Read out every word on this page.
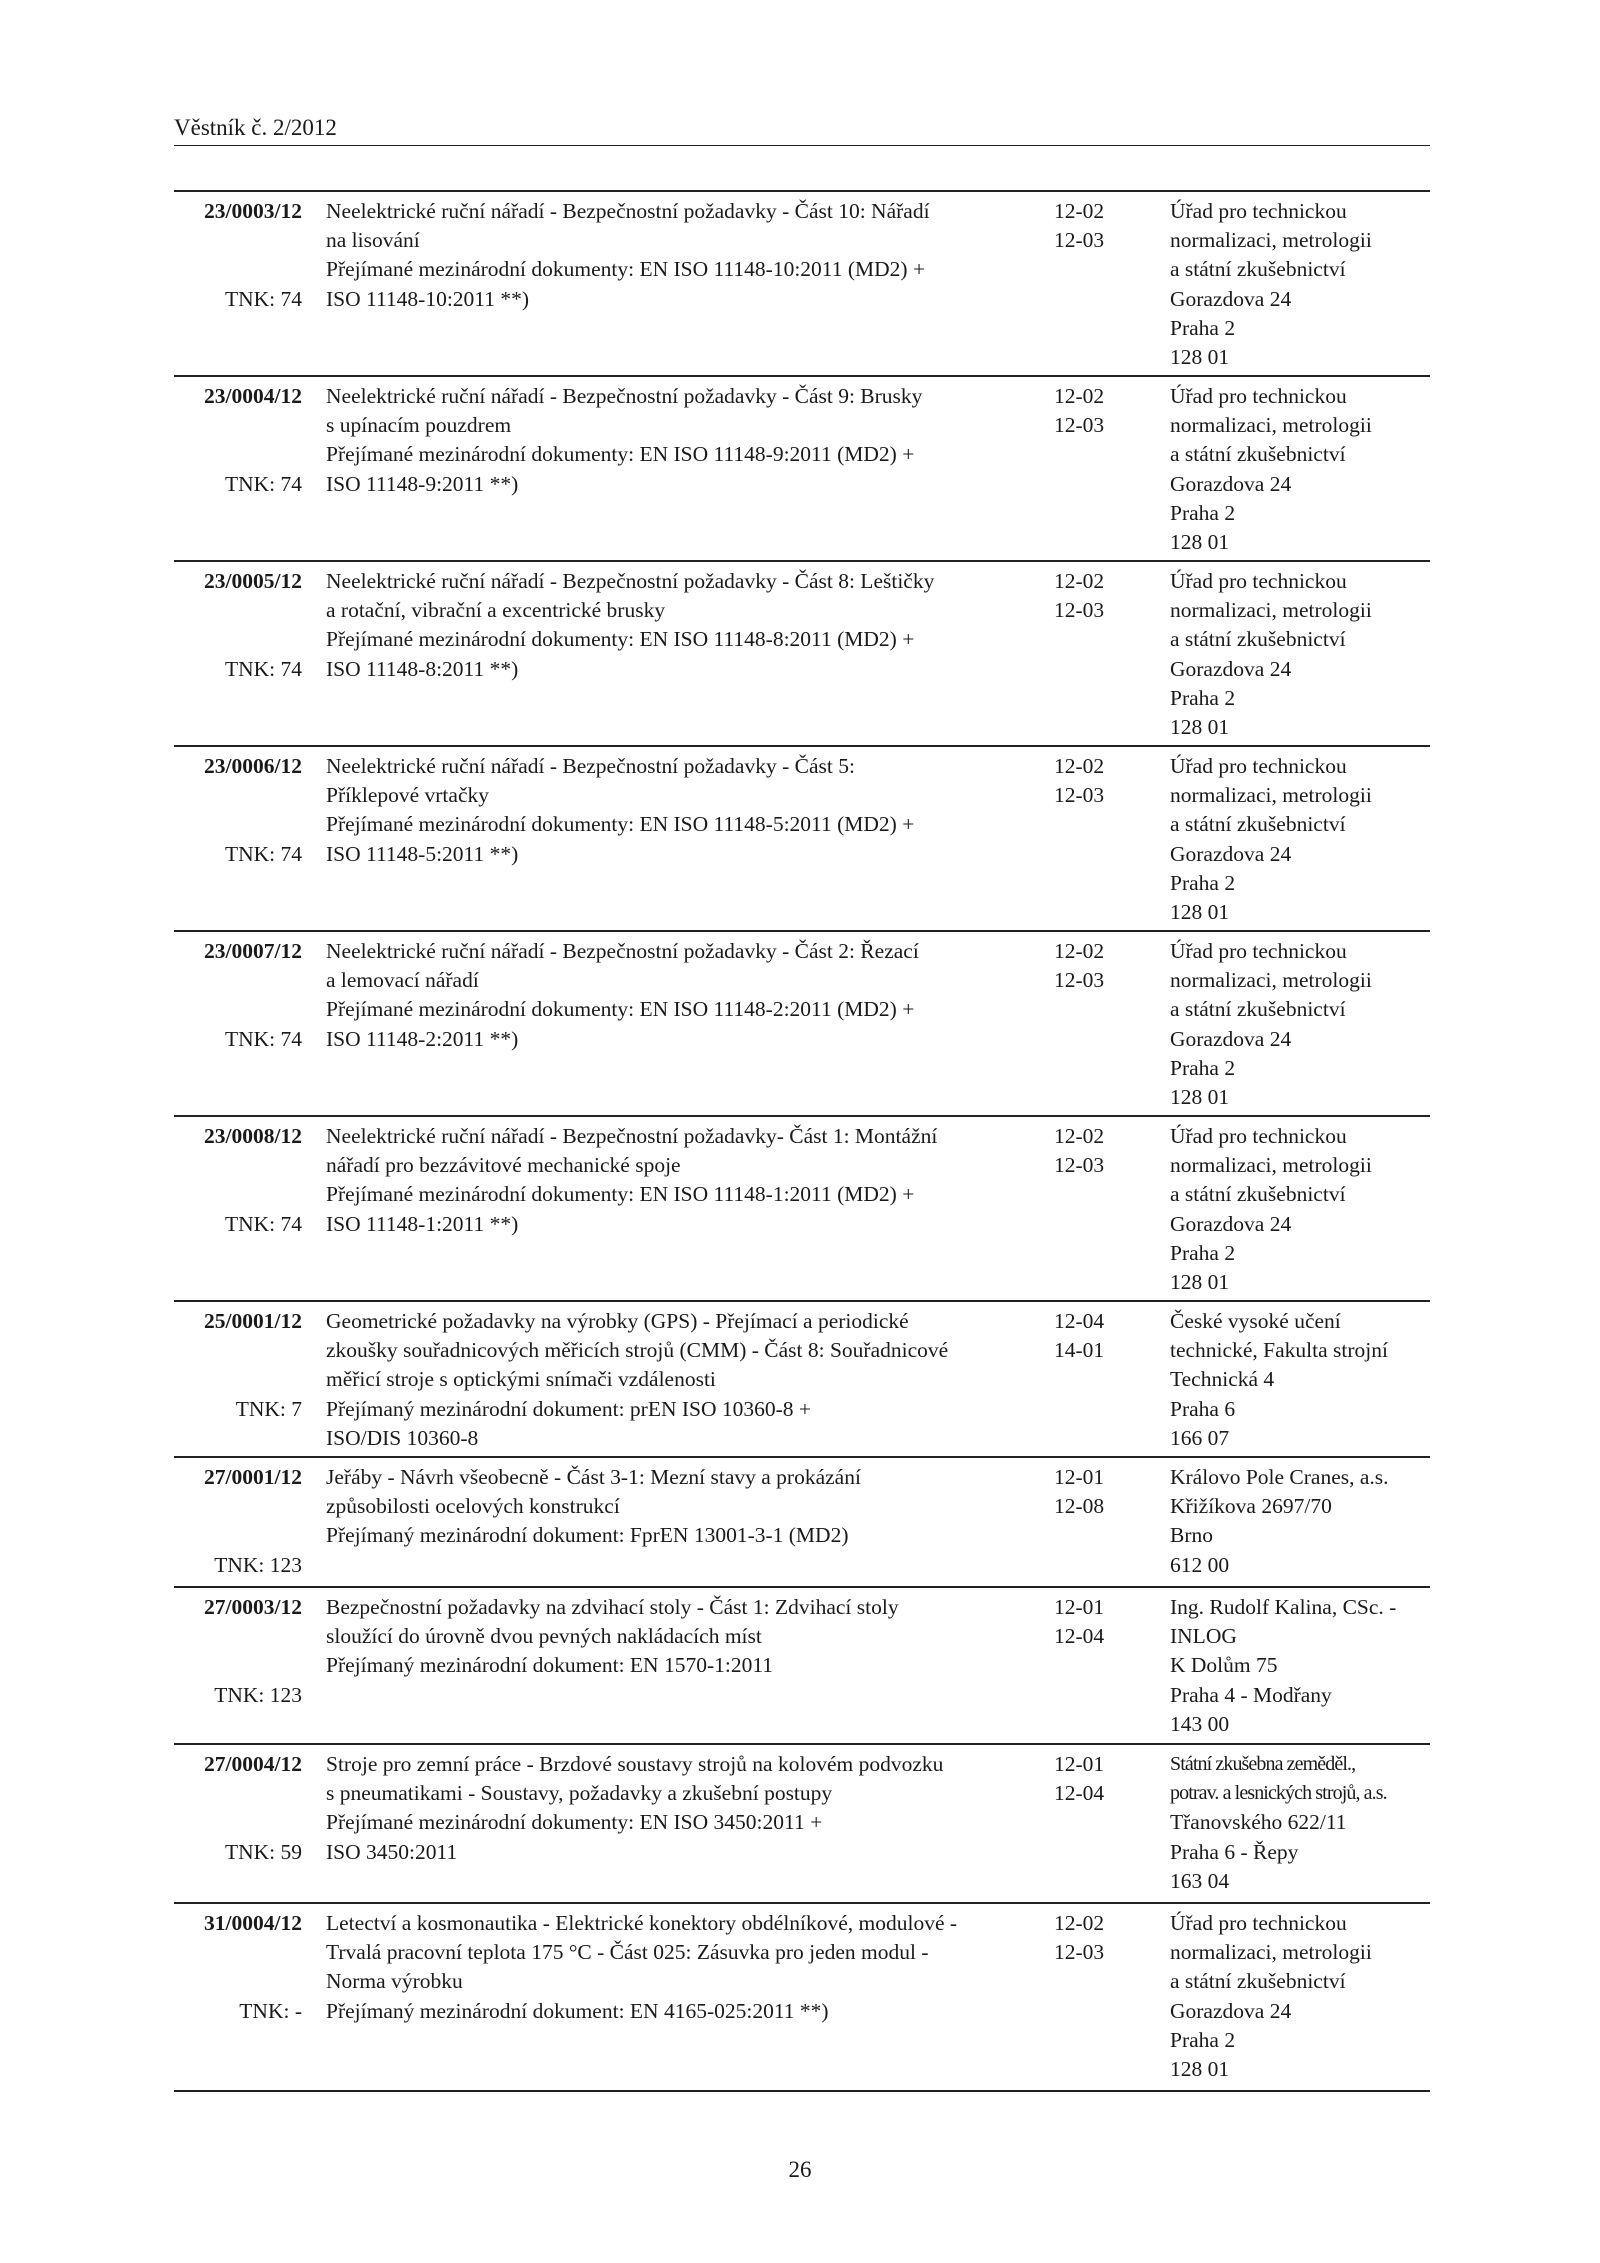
Věstník č. 2/2012
23/0003/12
TNK: 74
Neelektrické ruční nářadí - Bezpečnostní požadavky - Část 10: Nářadí
na lisování
Přejímané mezinárodní dokumenty: EN ISO 11148-10:2011 (MD2) +
ISO 11148-10:2011 **)
12-02
12-03
Úřad pro technickou
normalizaci, metrologii
a státní zkušebnictví
Gorazdova 24
Praha 2
128 01
23/0004/12
TNK: 74
Neelektrické ruční nářadí - Bezpečnostní požadavky - Část 9: Brusky
s upínacím pouzdrem
Přejímané mezinárodní dokumenty: EN ISO 11148-9:2011 (MD2) +
ISO 11148-9:2011 **)
12-02
12-03
Úřad pro technickou
normalizaci, metrologii
a státní zkušebnictví
Gorazdova 24
Praha 2
128 01
23/0005/12
TNK: 74
Neelektrické ruční nářadí - Bezpečnostní požadavky - Část 8: Leštičky
a rotační, vibrační a excentrické brusky
Přejímané mezinárodní dokumenty: EN ISO 11148-8:2011 (MD2) +
ISO 11148-8:2011 **)
12-02
12-03
Úřad pro technickou
normalizaci, metrologii
a státní zkušebnictví
Gorazdova 24
Praha 2
128 01
23/0006/12
TNK: 74
Neelektrické ruční nářadí - Bezpečnostní požadavky - Část 5:
Příklepové vrtačky
Přejímané mezinárodní dokumenty: EN ISO 11148-5:2011 (MD2) +
ISO 11148-5:2011 **)
12-02
12-03
Úřad pro technickou
normalizaci, metrologii
a státní zkušebnictví
Gorazdova 24
Praha 2
128 01
23/0007/12
TNK: 74
Neelektrické ruční nářadí - Bezpečnostní požadavky - Část 2: Řezací
a lemovací nářadí
Přejímané mezinárodní dokumenty: EN ISO 11148-2:2011 (MD2) +
ISO 11148-2:2011 **)
12-02
12-03
Úřad pro technickou
normalizaci, metrologii
a státní zkušebnictví
Gorazdova 24
Praha 2
128 01
23/0008/12
TNK: 74
Neelektrické ruční nářadí - Bezpečnostní požadavky- Část 1: Montážní
nářadí pro bezzávitové mechanické spoje
Přejímané mezinárodní dokumenty: EN ISO 11148-1:2011 (MD2) +
ISO 11148-1:2011 **)
12-02
12-03
Úřad pro technickou
normalizaci, metrologii
a státní zkušebnictví
Gorazdova 24
Praha 2
128 01
25/0001/12
TNK: 7
Geometrické požadavky na výrobky (GPS) - Přejímací a periodické
zkoušky souřadnicových měřicích strojů (CMM) - Část 8: Souřadnicové
měřicí stroje s optickými snímači vzdálenosti
Přejímaný mezinárodní dokument: prEN ISO 10360-8 +
ISO/DIS 10360-8
12-04
14-01
České vysoké učení
technické, Fakulta strojní
Technická 4
Praha 6
166 07
27/0001/12
TNK: 123
Jeřáby - Návrh všeobecně - Část 3-1: Mezní stavy a prokázání
způsobilosti ocelových konstrukcí
Přejímaný mezinárodní dokument: FprEN 13001-3-1 (MD2)
12-01
12-08
Královo Pole Cranes, a.s.
Křižíkova 2697/70
Brno
612 00
27/0003/12
TNK: 123
Bezpečnostní požadavky na zdvihací stoly - Část 1: Zdvihací stoly
sloužící do úrovně dvou pevných nakládacích míst
Přejímaný mezinárodní dokument: EN 1570-1:2011
12-01
12-04
Ing. Rudolf Kalina, CSc. -
INLOG
K Dolům 75
Praha 4 - Modřany
143 00
27/0004/12
TNK: 59
Stroje pro zemní práce - Brzdové soustavy strojů na kolovém podvozku
s pneumatikami - Soustavy, požadavky a zkušební postupy
Přejímané mezinárodní dokumenty: EN ISO 3450:2011 +
ISO 3450:2011
12-01
12-04
Státní zkušebna zeměděl.,
potrav. a lesnických strojů, a.s.
Třanovského 622/11
Praha 6 - Řepy
163 04
31/0004/12
TNK: -
Letectví a kosmonautika - Elektrické konektory obdélníkové, modulové -
Trvalá pracovní teplota 175 °C - Část 025: Zásuvka pro jeden modul -
Norma výrobku
Přejímaný mezinárodní dokument: EN 4165-025:2011 **)
12-02
12-03
Úřad pro technickou
normalizaci, metrologii
a státní zkušebnictví
Gorazdova 24
Praha 2
128 01
26
